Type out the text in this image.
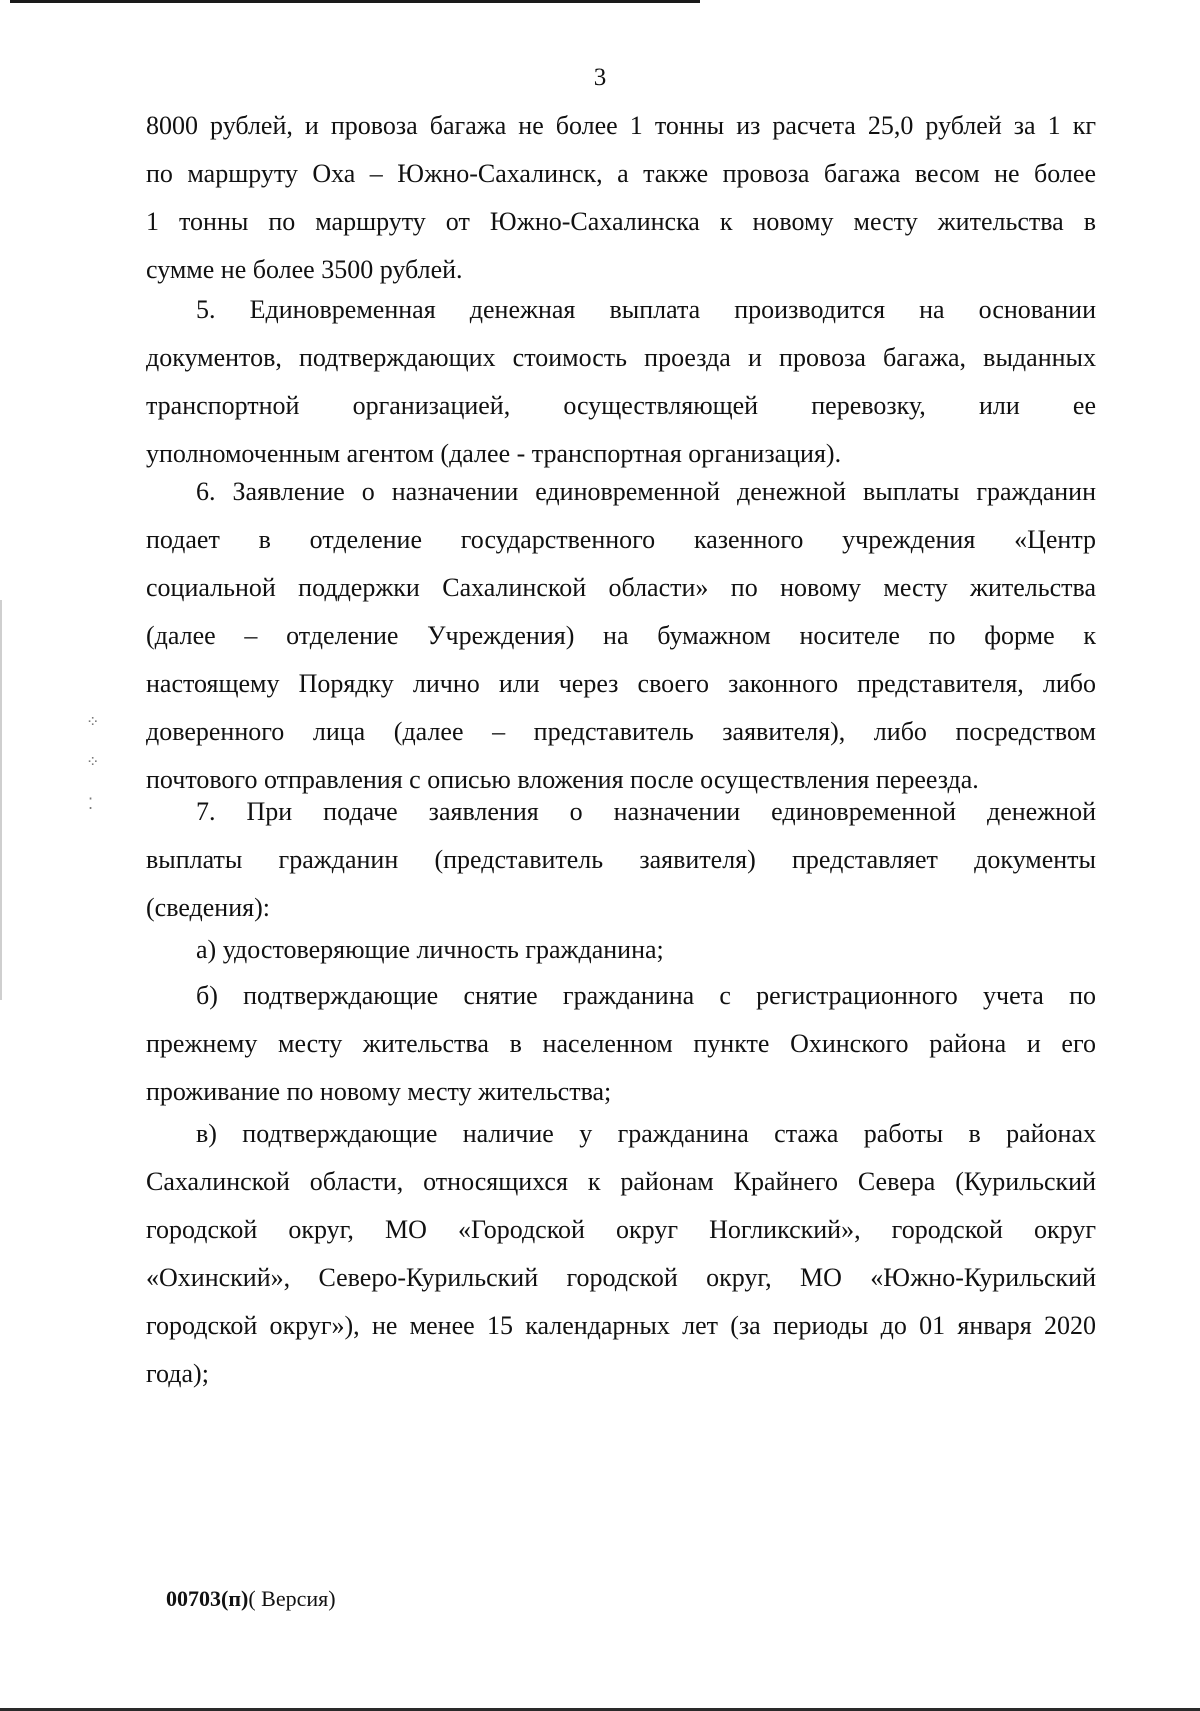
⁘
⁘
⁚
3
8000 рублей, и провоза багажа не более 1 тонны из расчета 25,0 рублей за 1 кг
по маршруту Оха – Южно-Сахалинск, а также провоза багажа весом не более
1 тонны по маршруту от Южно-Сахалинска к новому месту жительства в
сумме не более 3500 рублей.
5. Единовременная денежная выплата производится на основании
документов, подтверждающих стоимость проезда и провоза багажа, выданных
транспортной организацией, осуществляющей перевозку, или ее
уполномоченным агентом (далее - транспортная организация).
6. Заявление о назначении единовременной денежной выплаты гражданин
подает в отделение государственного казенного учреждения «Центр
социальной поддержки Сахалинской области» по новому месту жительства
(далее – отделение Учреждения) на бумажном носителе по форме к
настоящему Порядку лично или через своего законного представителя, либо
доверенного лица (далее – представитель заявителя), либо посредством
почтового отправления с описью вложения после осуществления переезда.
7. При подаче заявления о назначении единовременной денежной
выплаты гражданин (представитель заявителя) представляет документы
(сведения):
а) удостоверяющие личность гражданина;
б) подтверждающие снятие гражданина с регистрационного учета по
прежнему месту жительства в населенном пункте Охинского района и его
проживание по новому месту жительства;
в) подтверждающие наличие у гражданина стажа работы в районах
Сахалинской области, относящихся к районам Крайнего Севера (Курильский
городской округ, МО «Городской округ Ногликский», городской округ
«Охинский», Северо-Курильский городской округ, МО «Южно-Курильский
городской округ»), не менее 15 календарных лет (за периоды до 01 января 2020
года);
00703(п)( Версия)
